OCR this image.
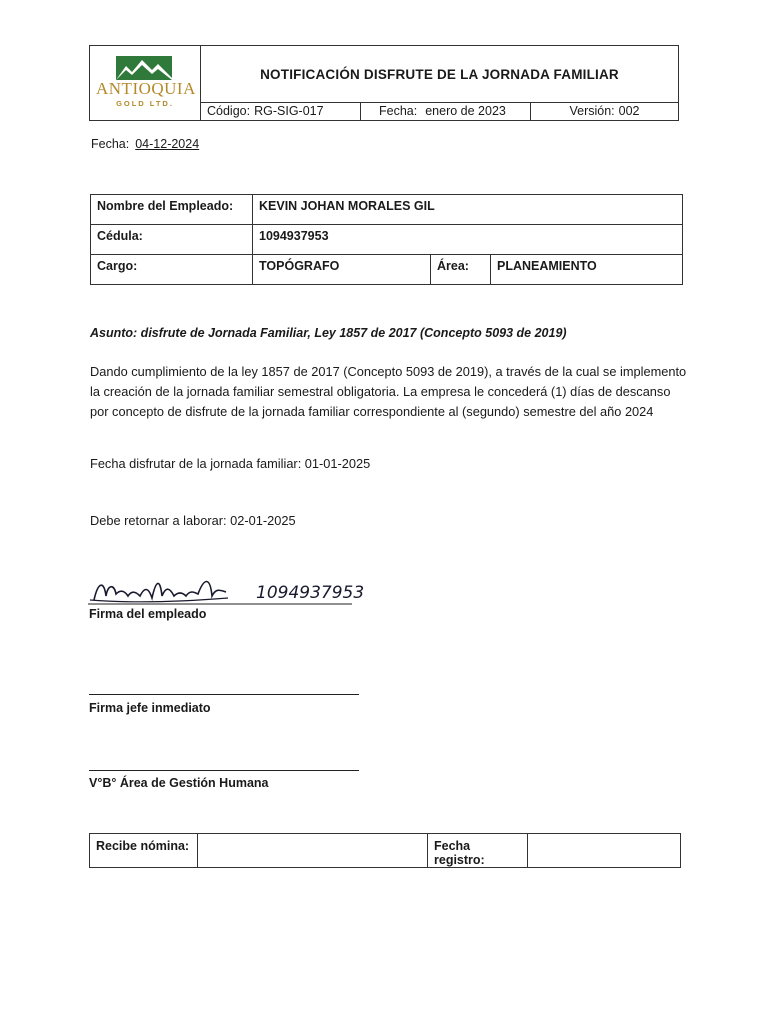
ANTIOQUIA
GOLD LTD.
NOTIFICACIÓN DISFRUTE DE LA JORNADA FAMILIAR
Código: RG-SIG-017	Fecha: enero de 2023	Versión: 002
Fecha: 04-12-2024
Nombre del Empleado:	KEVIN JOHAN MORALES GIL		
Cédula:	1094937953		
Cargo:	TOPÓGRAFO	Área:	PLANEAMIENTO
Asunto: disfrute de Jornada Familiar, Ley 1857 de 2017 (Concepto 5093 de 2019)
Dando cumplimiento de la ley 1857 de 2017 (Concepto 5093 de 2019), a través de la cual se implemento la creación de la jornada familiar semestral obligatoria. La empresa le concederá (1) días de descanso por concepto de disfrute de la jornada familiar correspondiente al (segundo) semestre del año 2024
Fecha disfrutar de la jornada familiar: 01-01-2025
Debe retornar a laborar: 02-01-2025
1094937953
Firma del empleado
Firma jefe inmediato
V°B° Área de Gestión Humana
Recibe nómina:		Fecha registro:	
